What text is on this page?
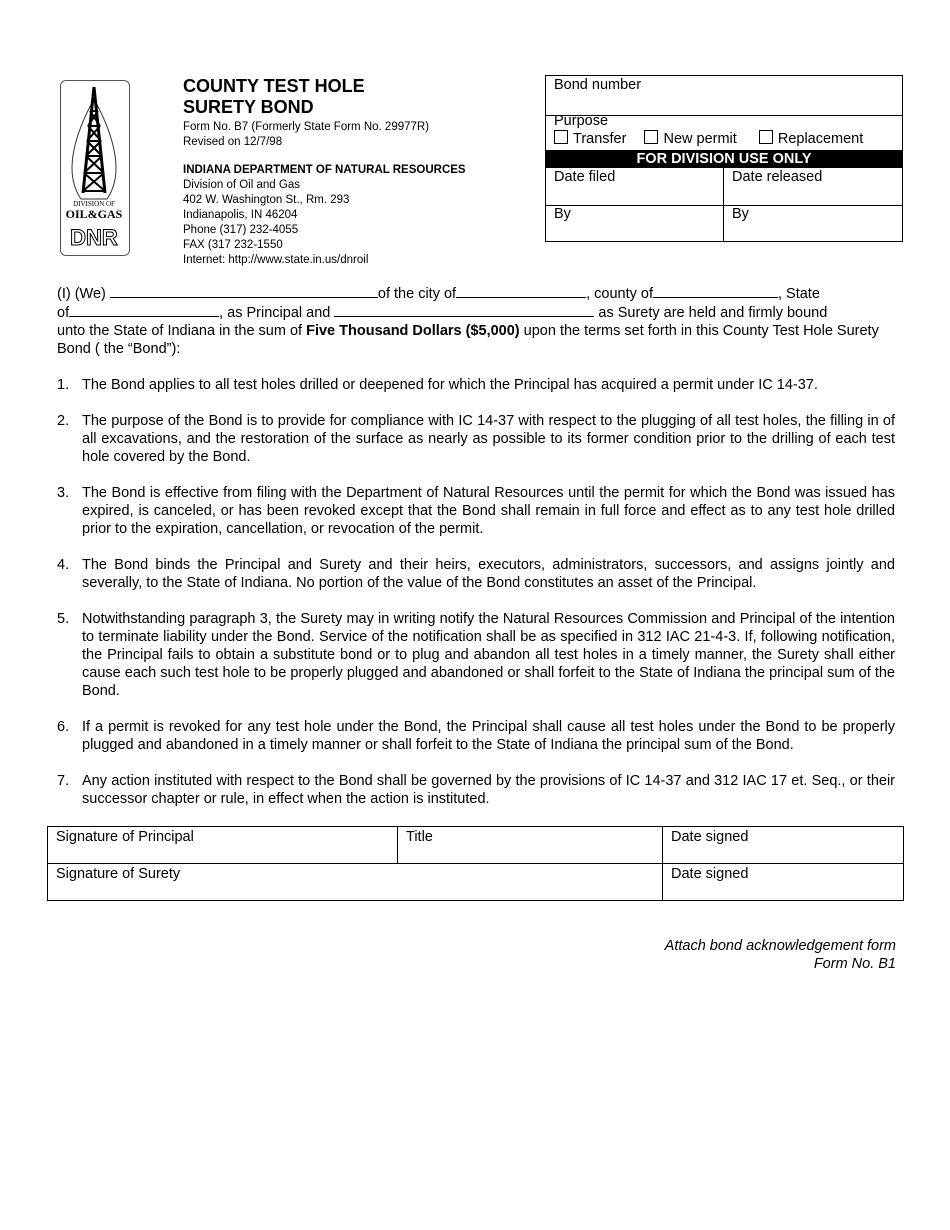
DIVISION OF
OIL&GAS
DNR
COUNTY TEST HOLE
SURETY BOND
Form No. B7 (Formerly State Form No. 29977R)
Revised on 12/7/98
INDIANA DEPARTMENT OF NATURAL RESOURCES
Division of Oil and Gas
402 W. Washington St., Rm. 293
Indianapolis, IN 46204
Phone (317) 232-4055
FAX (317 232-1550
Internet: http://www.state.in.us/dnroil
Bond number
Purpose
Transfer	New permit	Replacement
FOR DIVISION USE ONLY
Date filed	Date released
By	By
(I) (We)	of the city of	, county of	, State
of	, as Principal and	as Surety are held and firmly bound
unto the State of Indiana in the sum of Five Thousand Dollars ($5,000) upon the terms set forth in this County Test Hole Surety Bond ( the “Bond”):
1. The Bond applies to all test holes drilled or deepened for which the Principal has acquired a permit under IC 14-37.
2. The purpose of the Bond is to provide for compliance with IC 14-37 with respect to the plugging of all test holes, the filling in of all excavations, and the restoration of the surface as nearly as possible to its former condition prior to the drilling of each test hole covered by the Bond.
3. The Bond is effective from filing with the Department of Natural Resources until the permit for which the Bond was issued has expired, is canceled, or has been revoked except that the Bond shall remain in full force and effect as to any test hole drilled prior to the expiration, cancellation, or revocation of the permit.
4. The Bond binds the Principal and Surety and their heirs, executors, administrators, successors, and assigns jointly and severally, to the State of Indiana. No portion of the value of the Bond constitutes an asset of the Principal.
5. Notwithstanding paragraph 3, the Surety may in writing notify the Natural Resources Commission and Principal of the intention to terminate liability under the Bond. Service of the notification shall be as specified in 312 IAC 21-4-3. If, following notification, the Principal fails to obtain a substitute bond or to plug and abandon all test holes in a timely manner, the Surety shall either cause each such test hole to be properly plugged and abandoned or shall forfeit to the State of Indiana the principal sum of the Bond.
6. If a permit is revoked for any test hole under the Bond, the Principal shall cause all test holes under the Bond to be properly plugged and abandoned in a timely manner or shall forfeit to the State of Indiana the principal sum of the Bond.
7. Any action instituted with respect to the Bond shall be governed by the provisions of IC 14-37 and 312 IAC 17 et. Seq., or their successor chapter or rule, in effect when the action is instituted.
Signature of Principal	Title	Date signed
Signature of Surety		Date signed
Attach bond acknowledgement form
Form No. B1
